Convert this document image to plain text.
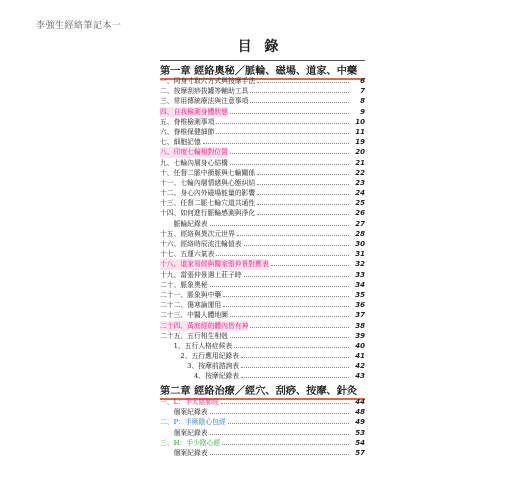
李強生經絡筆記本一
目 錄
第一章 經絡奧秘／脈輪、磁場、道家、中藥
一、同身寸取穴方式與按摩手法	6
二、按摩刮痧拔罐等輔助工具	7
三、常用傳統療法與注意事項	8
四、自我檢測身體狀態	9
五、脊椎檢測事項	10
六、脊椎保健細節	11
七、細胞記憶	19
八、印度七輪相對位置	20
九、七輪內層身心結構	21
十、任督二脈中衝脈與七輪關係	22
十一、七輪內層情緒與心態糾結	23
十二、身心內外磁場能量的影響	24
十三、任督二脈七輪穴道共通性	25
十四、如何進行脈輪感測與淨化	26
　　脈輪紀錄表	27
十五、經絡與異次元世界	28
十六、經絡時辰流注輪值表	30
十七、五運六氣表	31
十八、道家易經與醫家張仲景對應表	32
十九、當張仲景遇上莊子時	33
二十、脈象奧秘	34
二十一、脈象與中藥	35
二十二、傷寒論運用	36
二十三、中醫人體地圖	37
二十四、黃庭經的體內皆有神	38
二十五、五行相生相剋	39
　　1、五行人格症候表	40
　　　2、五行應用紀錄表	41
　　　　3、按摩前諮詢表	42
　　　　　4、按摩紀錄表	43
第二章 經絡治療／經穴、刮痧、按摩、針灸
一、L：手太陰肺經	44
　　個案紀錄表	48
二、P：手厥陰心包經	49
　　個案紀錄表	53
三、H：手少陰心經	54
　　個案紀錄表	57
